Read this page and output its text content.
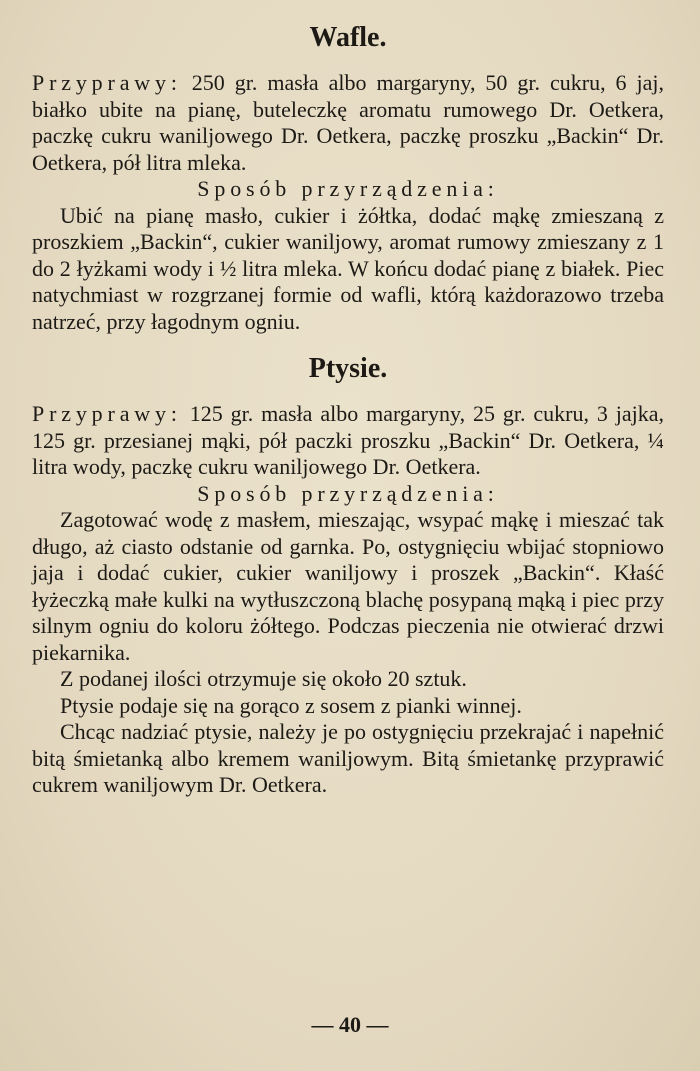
Wafle.

Przyprawy: 250 gr. masła albo margaryny, 50 gr. cukru, 6 jaj, białko ubite na pianę, buteleczkę aromatu rumowego Dr. Oetkera, paczkę cukru waniljowego Dr. Oetkera, paczkę proszku „Backin“ Dr. Oetkera, pół litra mleka.

Sposób przyrządzenia:

Ubić na pianę masło, cukier i żółtka, dodać mąkę zmieszaną z proszkiem „Backin“, cukier waniljowy, aromat rumowy zmieszany z 1 do 2 łyżkami wody i ½ litra mleka. W końcu dodać pianę z białek. Piec natychmiast w rozgrzanej formie od wafli, którą każdorazowo trzeba natrzeć, przy łagodnym ogniu.

Ptysie.

Przyprawy: 125 gr. masła albo margaryny, 25 gr. cukru, 3 jajka, 125 gr. przesianej mąki, pół paczki proszku „Backin“ Dr. Oetkera, ¼ litra wody, paczkę cukru waniljowego Dr. Oetkera.

Sposób przyrządzenia:

Zagotować wodę z masłem, mieszając, wsypać mąkę i mieszać tak długo, aż ciasto odstanie od garnka. Po, ostygnięciu wbijać stopniowo jaja i dodać cukier, cukier waniljowy i proszek „Backin“. Kłaść łyżeczką małe kulki na wytłuszczoną blachę posypaną mąką i piec przy silnym ogniu do koloru żółtego. Podczas pieczenia nie otwierać drzwi piekarnika.

Z podanej ilości otrzymuje się około 20 sztuk.

Ptysie podaje się na gorąco z sosem z pianki winnej.

Chcąc nadziać ptysie, należy je po ostygnięciu przekrajać i napełnić bitą śmietanką albo kremem waniljowym. Bitą śmietankę przyprawić cukrem waniljowym Dr. Oetkera.

— 40 —
